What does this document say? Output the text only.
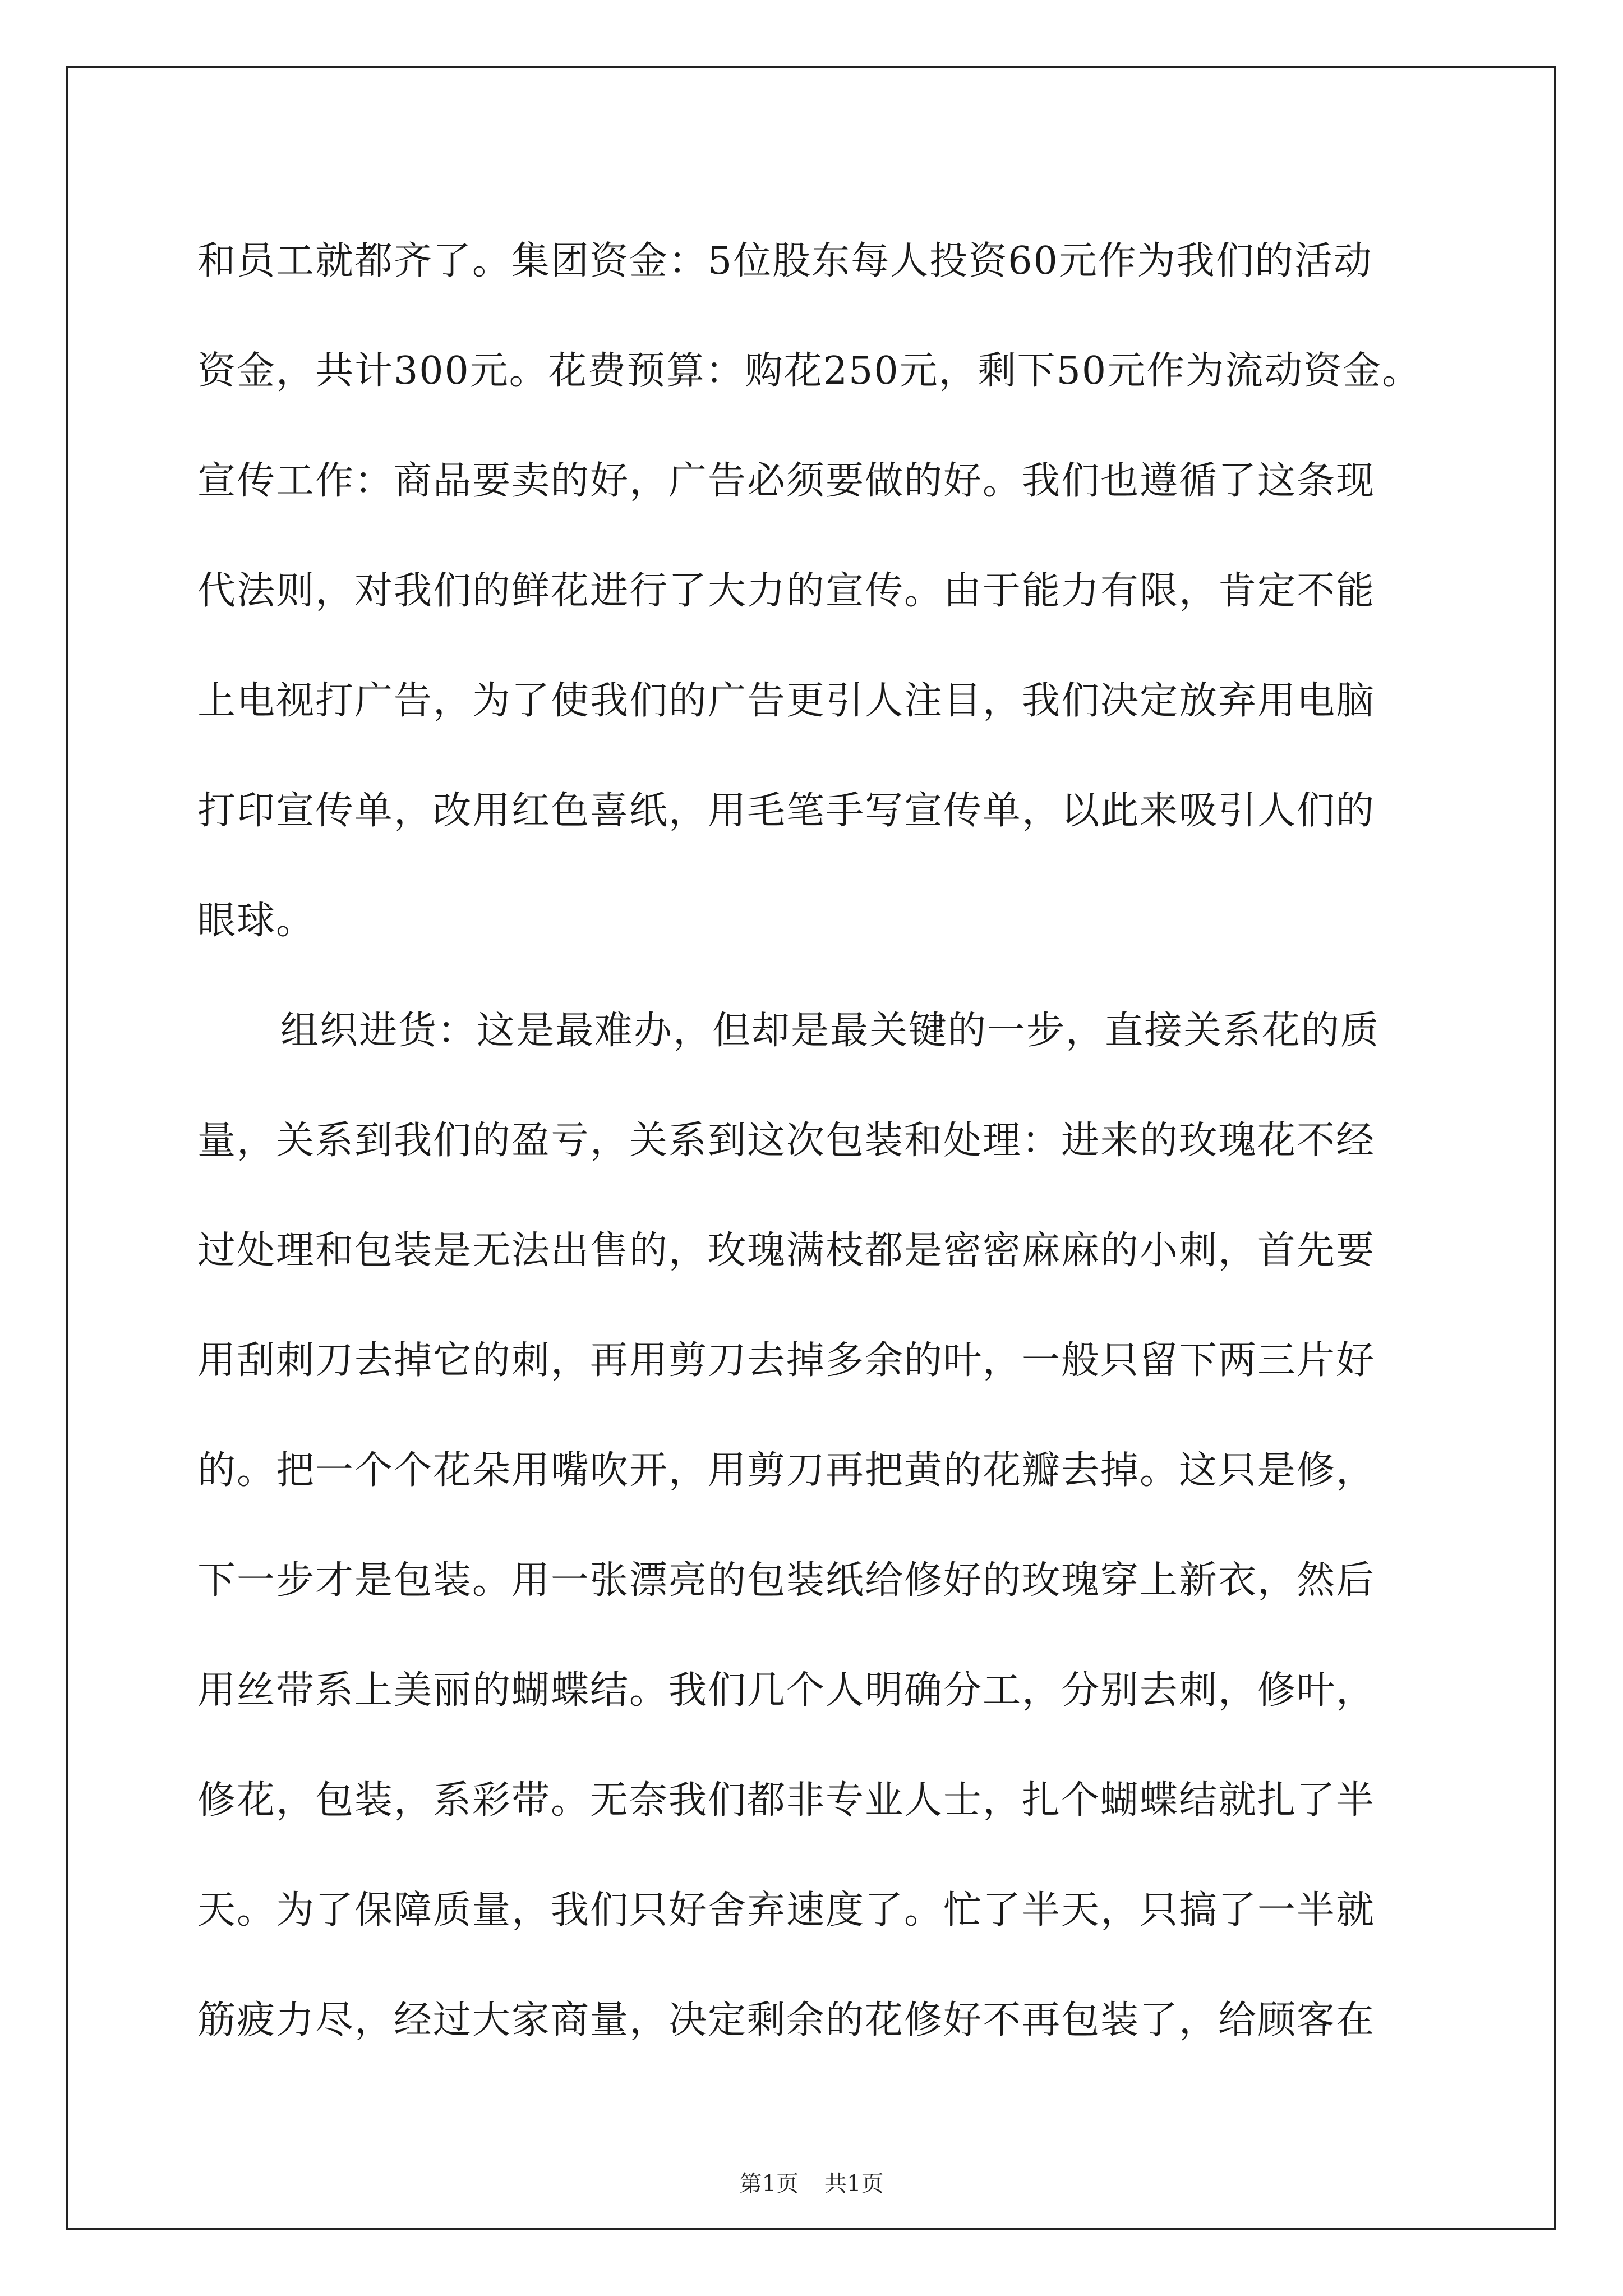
和员工就都齐了。集团资金：5位股东每人投资60元作为我们的活动
资金，共计300元。花费预算：购花250元，剩下50元作为流动资金。
宣传工作：商品要卖的好，广告必须要做的好。我们也遵循了这条现
代法则，对我们的鲜花进行了大力的宣传。由于能力有限，肯定不能
上电视打广告，为了使我们的广告更引人注目，我们决定放弃用电脑
打印宣传单，改用红色喜纸，用毛笔手写宣传单，以此来吸引人们的
眼球。
组织进货：这是最难办，但却是最关键的一步，直接关系花的质
量，关系到我们的盈亏，关系到这次包装和处理：进来的玫瑰花不经
过处理和包装是无法出售的，玫瑰满枝都是密密麻麻的小刺，首先要
用刮刺刀去掉它的刺，再用剪刀去掉多余的叶，一般只留下两三片好
的。把一个个花朵用嘴吹开，用剪刀再把黄的花瓣去掉。这只是修，
下一步才是包装。用一张漂亮的包装纸给修好的玫瑰穿上新衣，然后
用丝带系上美丽的蝴蝶结。我们几个人明确分工，分别去刺，修叶，
修花，包装，系彩带。无奈我们都非专业人士，扎个蝴蝶结就扎了半
天。为了保障质量，我们只好舍弃速度了。忙了半天，只搞了一半就
筋疲力尽，经过大家商量，决定剩余的花修好不再包装了，给顾客在
第1页 共1页
